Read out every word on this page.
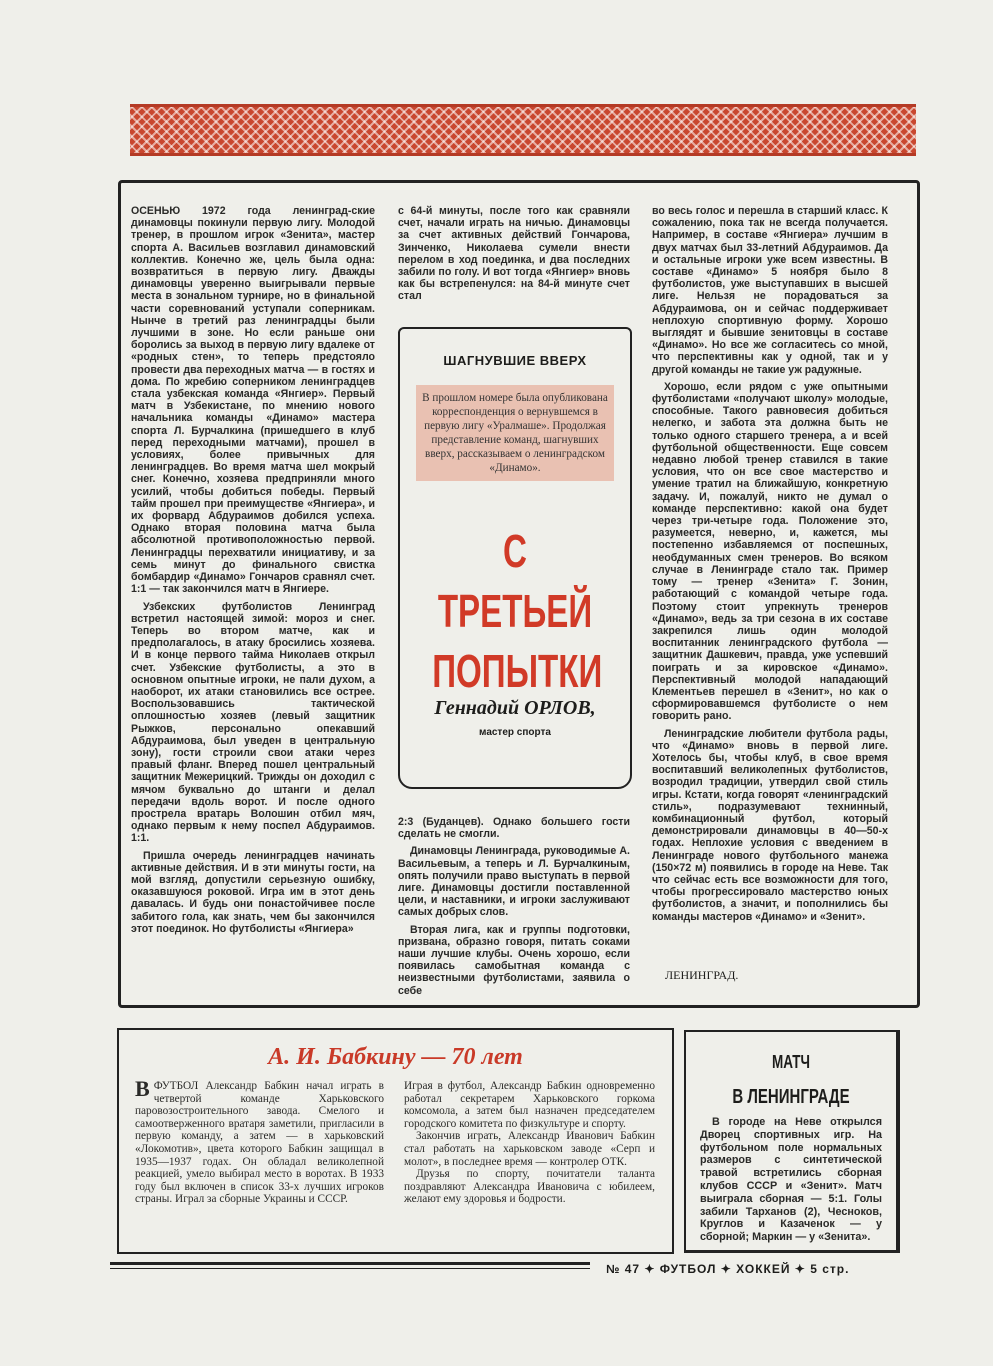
ОСЕНЬЮ 1972 года ленинград-ские динамовцы покинули первую лигу. Молодой тренер, в прошлом игрок «Зенита», мастер спорта А. Васильев возглавил динамовский коллектив. Конечно же, цель была одна: возвратиться в первую лигу. Дважды динамовцы уверенно выигрывали первые места в зональном турнире, но в финальной части соревнований уступали соперникам. Нынче в третий раз ленинградцы были лучшими в зоне. Но если раньше они боролись за выход в первую лигу вдалеке от «родных стен», то теперь предстояло провести два переходных матча — в гостях и дома. По жребию соперником ленинградцев стала узбекская команда «Янгиер». Первый матч в Узбекистане, по мнению нового начальника команды «Динамо» мастера спорта Л. Бурчалкина (пришедшего в клуб перед переходными матчами), прошел в условиях, более привычных для ленинградцев. Во время матча шел мокрый снег. Конечно, хозяева предприняли много усилий, чтобы добиться победы. Первый тайм прошел при преимуществе «Янгиера», и их форвард Абдураимов добился успеха. Однако вторая половина матча была абсолютной противоположностью первой. Ленинградцы перехватили инициативу, и за семь минут до финального свистка бомбардир «Динамо» Гончаров сравнял счет. 1:1 — так закончился матч в Янгиере.

Узбекских футболистов Ленинград встретил настоящей зимой: мороз и снег. Теперь во втором матче, как и предполагалось, в атаку бросились хозяева. И в конце первого тайма Николаев открыл счет. Узбекские футболисты, а это в основном опытные игроки, не пали духом, а наоборот, их атаки становились все острее. Воспользовавшись тактической оплошностью хозяев (левый защитник Рыжков, персонально опекавший Абдураимова, был уведен в центральную зону), гости строили свои атаки через правый фланг. Вперед пошел центральный защитник Межерицкий. Трижды он доходил с мячом буквально до штанги и делал передачи вдоль ворот. И после одного прострела вратарь Волошин отбил мяч, однако первым к нему поспел Абдураимов. 1:1.

Пришла очередь ленинградцев начинать активные действия. И в эти минуты гости, на мой взгляд, допустили серьезную ошибку, оказавшуюся роковой. Игра им в этот день давалась. И будь они понастойчивее после забитого гола, как знать, чем бы закончился этот поединок. Но футболисты «Янгиера»

с 64-й минуты, после того как сравняли счет, начали играть на ничью. Динамовцы за счет активных действий Гончарова, Зинченко, Николаева сумели внести перелом в ход поединка, и два последних забили по голу. И вот тогда «Янгиер» вновь как бы встрепенулся: на 84-й минуте счет стал

ШАГНУВШИЕ ВВЕРХ
В прошлом номере была опубликована корреспонденция о вернувшемся в первую лигу «Уралмаше». Продолжая представление команд, шагнувших вверх, рассказываем о ленинградском «Динамо».
С
ТРЕТЬЕЙ
ПОПЫТКИ
Геннадий ОРЛОВ,
мастер спорта

2:3 (Буданцев). Однако большего гости сделать не смогли.

Динамовцы Ленинграда, руководимые А. Васильевым, а теперь и Л. Бурчалкиным, опять получили право выступать в первой лиге. Динамовцы достигли поставленной цели, и наставники, и игроки заслуживают самых добрых слов.

Вторая лига, как и группы подготовки, призвана, образно говоря, питать соками наши лучшие клубы. Очень хорошо, если появилась самобытная команда с неизвестными футболистами, заявила о себе

во весь голос и перешла в старший класс. К сожалению, пока так не всегда получается. Например, в составе «Янгиера» лучшим в двух матчах был 33-летний Абдураимов. Да и остальные игроки уже всем известны. В составе «Динамо» 5 ноября было 8 футболистов, уже выступавших в высшей лиге. Нельзя не порадоваться за Абдураимова, он и сейчас поддерживает неплохую спортивную форму. Хорошо выглядят и бывшие зенитовцы в составе «Динамо». Но все же согласитесь со мной, что перспективны как у одной, так и у другой команды не такие уж радужные.

Хорошо, если рядом с уже опытными футболистами «получают школу» молодые, способные. Такого равновесия добиться нелегко, и забота эта должна быть не только одного старшего тренера, а и всей футбольной общественности. Еще совсем недавно любой тренер ставился в такие условия, что он все свое мастерство и умение тратил на ближайшую, конкретную задачу. И, пожалуй, никто не думал о команде перспективно: какой она будет через три-четыре года. Положение это, разумеется, неверно, и, кажется, мы постепенно избавляемся от поспешных, необдуманных смен тренеров. Во всяком случае в Ленинграде стало так. Пример тому — тренер «Зенита» Г. Зонин, работающий с командой четыре года. Поэтому стоит упрекнуть тренеров «Динамо», ведь за три сезона в их составе закрепился лишь один молодой воспитанник ленинградского футбола — защитник Дашкевич, правда, уже успевший поиграть и за кировское «Динамо». Перспективный молодой нападающий Клементьев перешел в «Зенит», но как о сформировавшемся футболисте о нем говорить рано.

Ленинградские любители футбола рады, что «Динамо» вновь в первой лиге. Хотелось бы, чтобы клуб, в свое время воспитавший великолепных футболистов, возродил традиции, утвердил свой стиль игры. Кстати, когда говорят «ленинградский стиль», подразумевают технинный, комбинационный футбол, который демонстрировали динамовцы в 40—50-х годах. Неплохие условия с введением в Ленинграде нового футбольного манежа (150×72 м) появились в городе на Неве. Так что сейчас есть все возможности для того, чтобы прогрессировало мастерство юных футболистов, а значит, и пополнились бы команды мастеров «Динамо» и «Зенит».

ЛЕНИНГРАД.
А. И. Бабкину — 70 лет

ВФУТБОЛ Александр Бабкин начал играть в четвертой команде Харьковского паровозостроительного завода. Смелого и самоотверженного вратаря заметили, пригласили в первую команду, а затем — в харьковский «Локомотив», цвета которого Бабкин защищал в 1935—1937 годах. Он обладал великолепной реакцией, умело выбирал место в воротах. В 1933 году был включен в список 33-х лучших игроков страны. Играл за сборные Украины и СССР.

Играя в футбол, Александр Бабкин одновременно работал секретарем Харьковского горкома комсомола, а затем был назначен председателем городского комитета по физкультуре и спорту.

Закончив играть, Александр Иванович Бабкин стал работать на харьковском заводе «Серп и молот», в последнее время — контролер ОТК.

Друзья по спорту, почитатели таланта поздравляют Александра Ивановича с юбилеем, желают ему здоровья и бодрости.

МАТЧ
В ЛЕНИНГРАДЕ

В городе на Неве открылся Дворец спортивных игр. На футбольном поле нормальных размеров с синтетической травой встретились сборная клубов СССР и «Зенит». Матч выиграла сборная — 5:1. Голы забили Тарханов (2), Чесноков, Круглов и Казаченок — у сборной; Маркин — у «Зенита».

№ 47 ✦ ФУТБОЛ ✦ ХОККЕЙ ✦ 5 стр.
